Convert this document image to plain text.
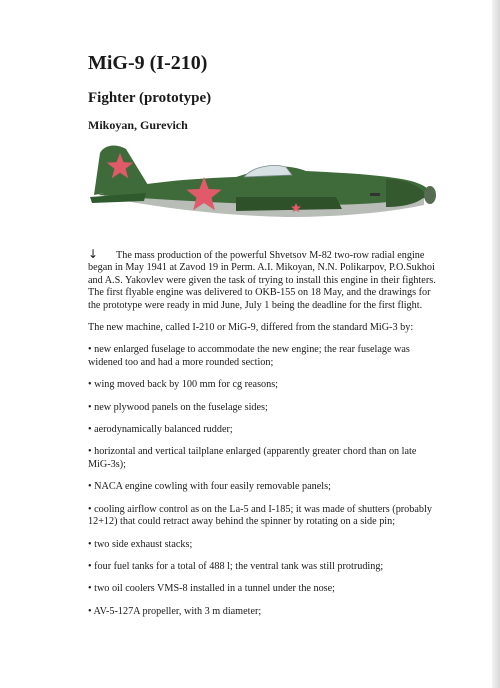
MiG-9 (I-210)
Fighter (prototype)
Mikoyan, Gurevich

↓ The mass production of the powerful Shvetsov M-82 two-row radial engine began in May 1941 at Zavod 19 in Perm. A.I. Mikoyan, N.N. Polikarpov, P.O.Sukhoi and A.S. Yakovlev were given the task of trying to install this engine in their fighters. The first flyable engine was delivered to OKB-155 on 18 May, and the drawings for the prototype were ready in mid June, July 1 being the deadline for the first flight.

The new machine, called I-210 or MiG-9, differed from the standard MiG-3 by:

• new enlarged fuselage to accommodate the new engine; the rear fuselage was widened too and had a more rounded section;

• wing moved back by 100 mm for cg reasons;

• new plywood panels on the fuselage sides;

• aerodynamically balanced rudder;

• horizontal and vertical tailplane enlarged (apparently greater chord than on late MiG-3s);

• NACA engine cowling with four easily removable panels;

• cooling airflow control as on the La-5 and I-185; it was made of shutters (probably 12+12) that could retract away behind the spinner by rotating on a side pin;

• two side exhaust stacks;

• four fuel tanks for a total of 488 l; the ventral tank was still protruding;

• two oil coolers VMS-8 installed in a tunnel under the nose;

• AV-5-127A propeller, with 3 m diameter;
